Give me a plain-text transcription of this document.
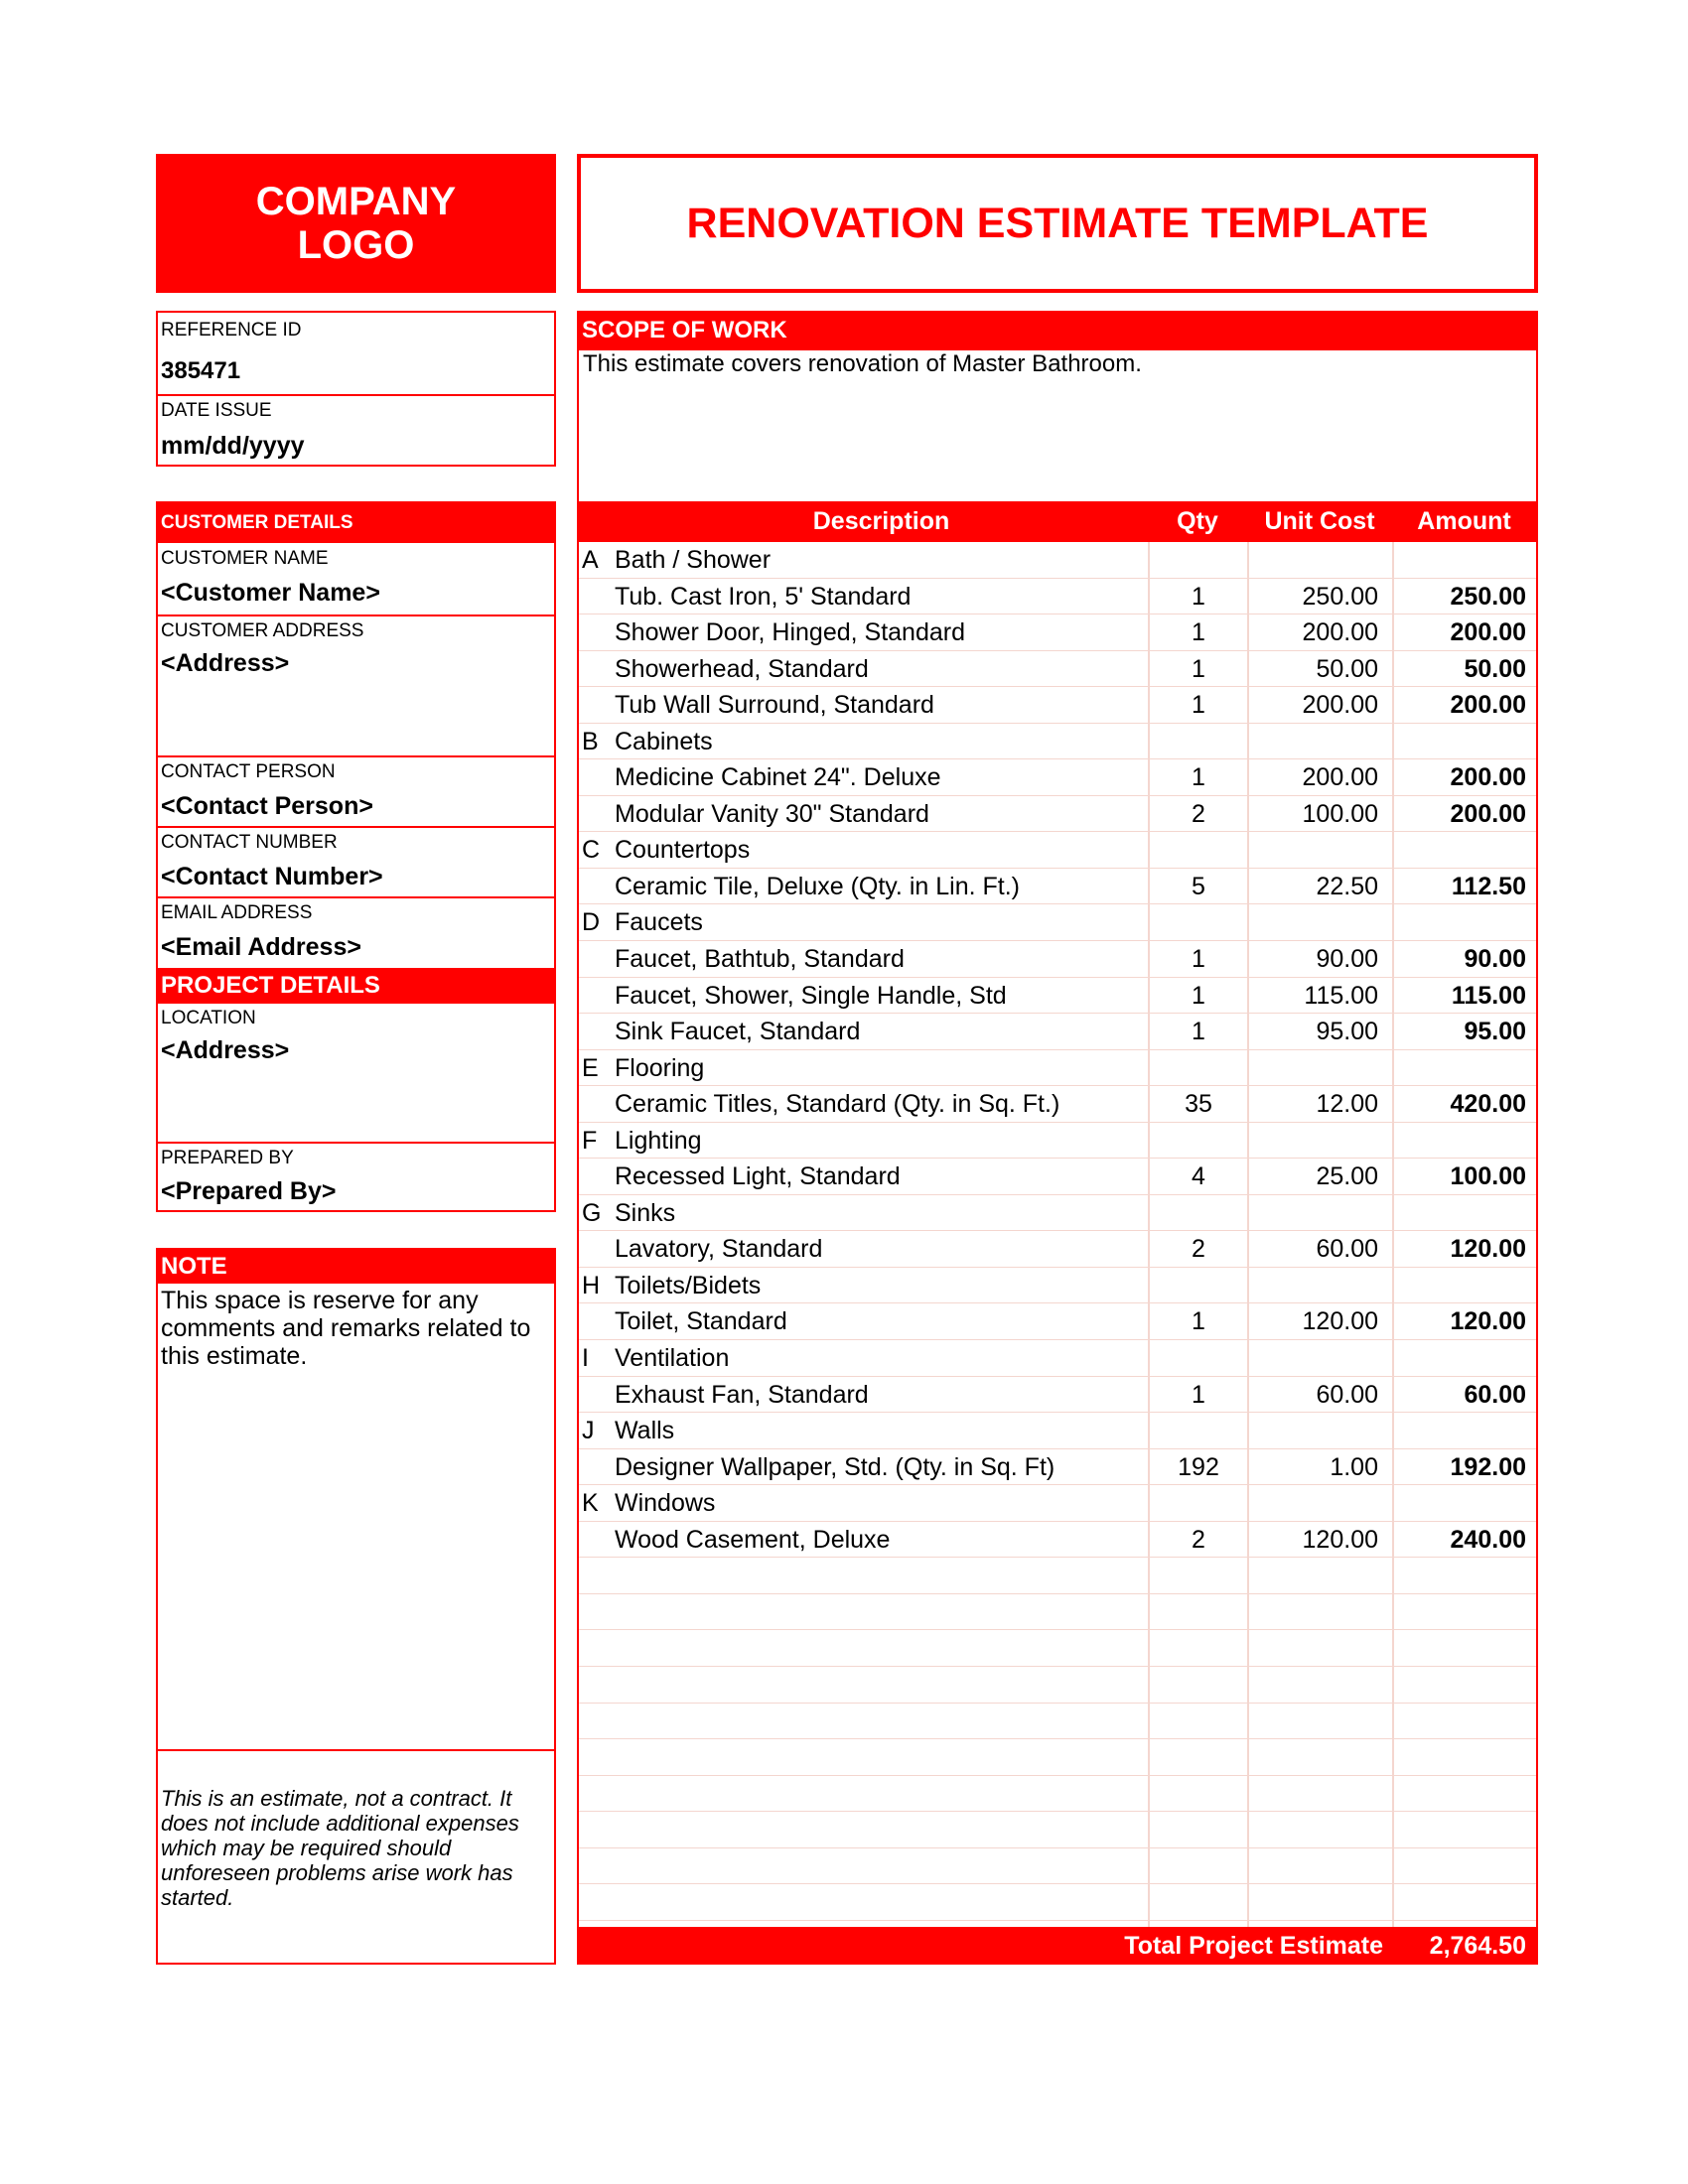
COMPANY
LOGO	RENOVATION ESTIMATE TEMPLATE
REFERENCE ID
385471
DATE ISSUE
mm/dd/yyyy
SCOPE OF WORK
This estimate covers renovation of Master Bathroom.
CUSTOMER DETAILS
CUSTOMER NAME
<Customer Name>
CUSTOMER ADDRESS
<Address>
CONTACT PERSON
<Contact Person>
CONTACT NUMBER
<Contact Number>
EMAIL ADDRESS
<Email Address>
PROJECT DETAILS
LOCATION
<Address>
PREPARED BY
<Prepared By>
NOTE
This space is reserve for any comments and remarks related to this estimate.
This is an estimate, not a contract. It does not include additional expenses which may be required should unforeseen problems arise work has started.
Description	Qty	Unit Cost	Amount
A Bath / Shower
Tub. Cast Iron, 5' Standard	1	250.00	250.00
Shower Door, Hinged, Standard	1	200.00	200.00
Showerhead, Standard	1	50.00	50.00
Tub Wall Surround, Standard	1	200.00	200.00
B Cabinets
Medicine Cabinet 24". Deluxe	1	200.00	200.00
Modular Vanity 30" Standard	2	100.00	200.00
C Countertops
Ceramic Tile, Deluxe (Qty. in Lin. Ft.)	5	22.50	112.50
D Faucets
Faucet, Bathtub, Standard	1	90.00	90.00
Faucet, Shower, Single Handle, Std	1	115.00	115.00
Sink Faucet, Standard	1	95.00	95.00
E Flooring
Ceramic Titles, Standard (Qty. in Sq. Ft.)	35	12.00	420.00
F Lighting
Recessed Light, Standard	4	25.00	100.00
G Sinks
Lavatory, Standard	2	60.00	120.00
H Toilets/Bidets
Toilet, Standard	1	120.00	120.00
I	Ventilation
Exhaust Fan, Standard	1	60.00	60.00
J Walls
Designer Wallpaper, Std. (Qty. in Sq. Ft)	192	1.00	192.00
K Windows
Wood Casement, Deluxe	2	120.00	240.00
Total Project Estimate 2,764.50
